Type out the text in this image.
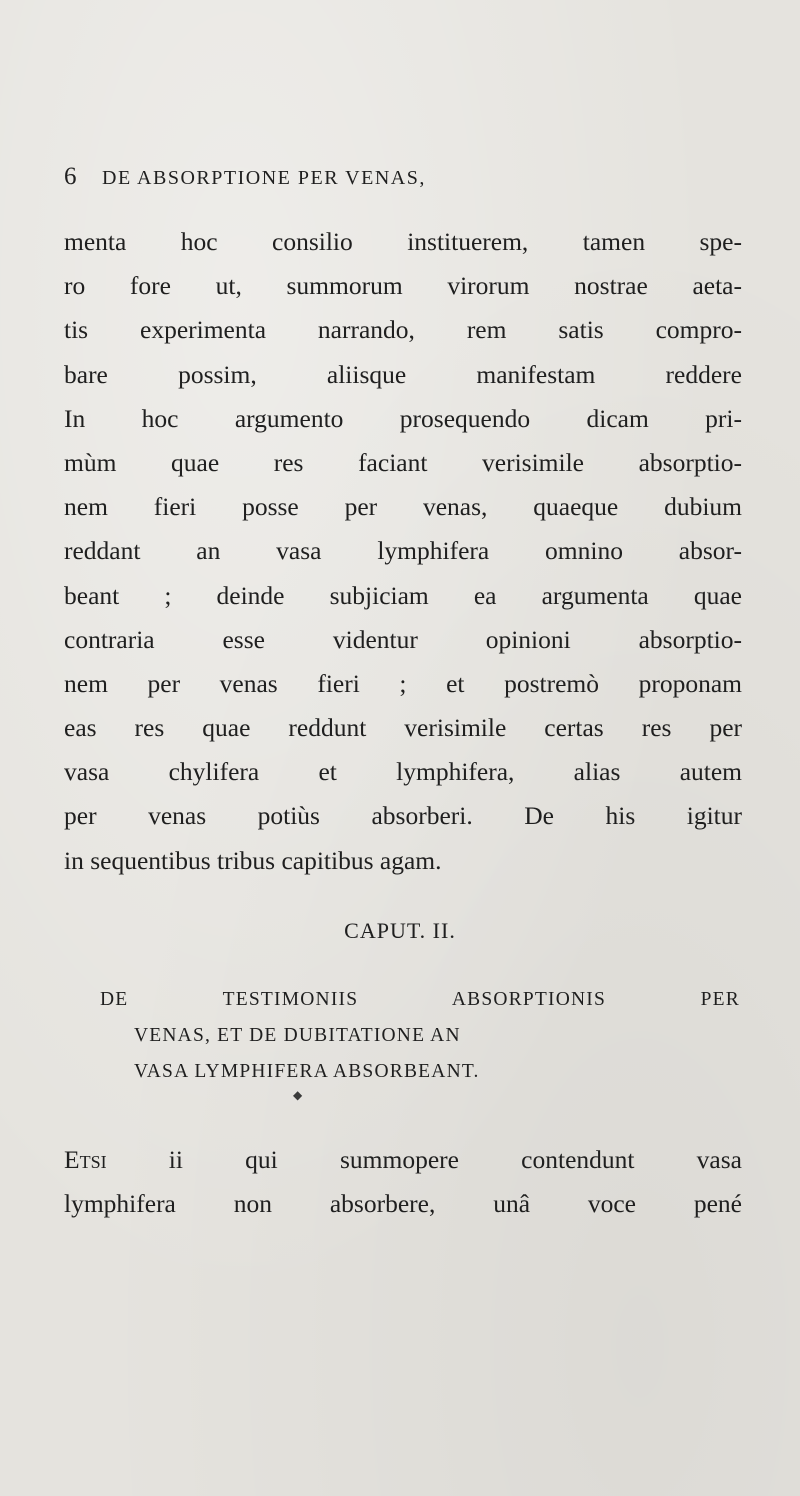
6 DE ABSORPTIONE PER VENAS,
menta hoc consilio instituerem, tamen spe-
ro fore ut, summorum virorum nostrae aeta-
tis experimenta narrando, rem satis compro-
bare possim, aliisque manifestam reddere
In hoc argumento prosequendo dicam pri-
mùm quae res faciant verisimile absorptio-
nem fieri posse per venas, quaeque dubium
reddant an vasa lymphifera omnino absor-
beant ; deinde subjiciam ea argumenta quae
contraria esse videntur opinioni absorptio-
nem per venas fieri ; et postremò proponam
eas res quae reddunt verisimile certas res per
vasa chylifera et lymphifera, alias autem
per venas potiùs absorberi. De his igitur
in sequentibus tribus capitibus agam.
CAPUT. II.
DE TESTIMONIIS ABSORPTIONIS PER
VENAS, ET DE DUBITATIONE AN
VASA LYMPHIFERA ABSORBEANT.
◆
Etsi ii qui summopere contendunt vasa
lymphifera non absorbere, unâ voce pené
